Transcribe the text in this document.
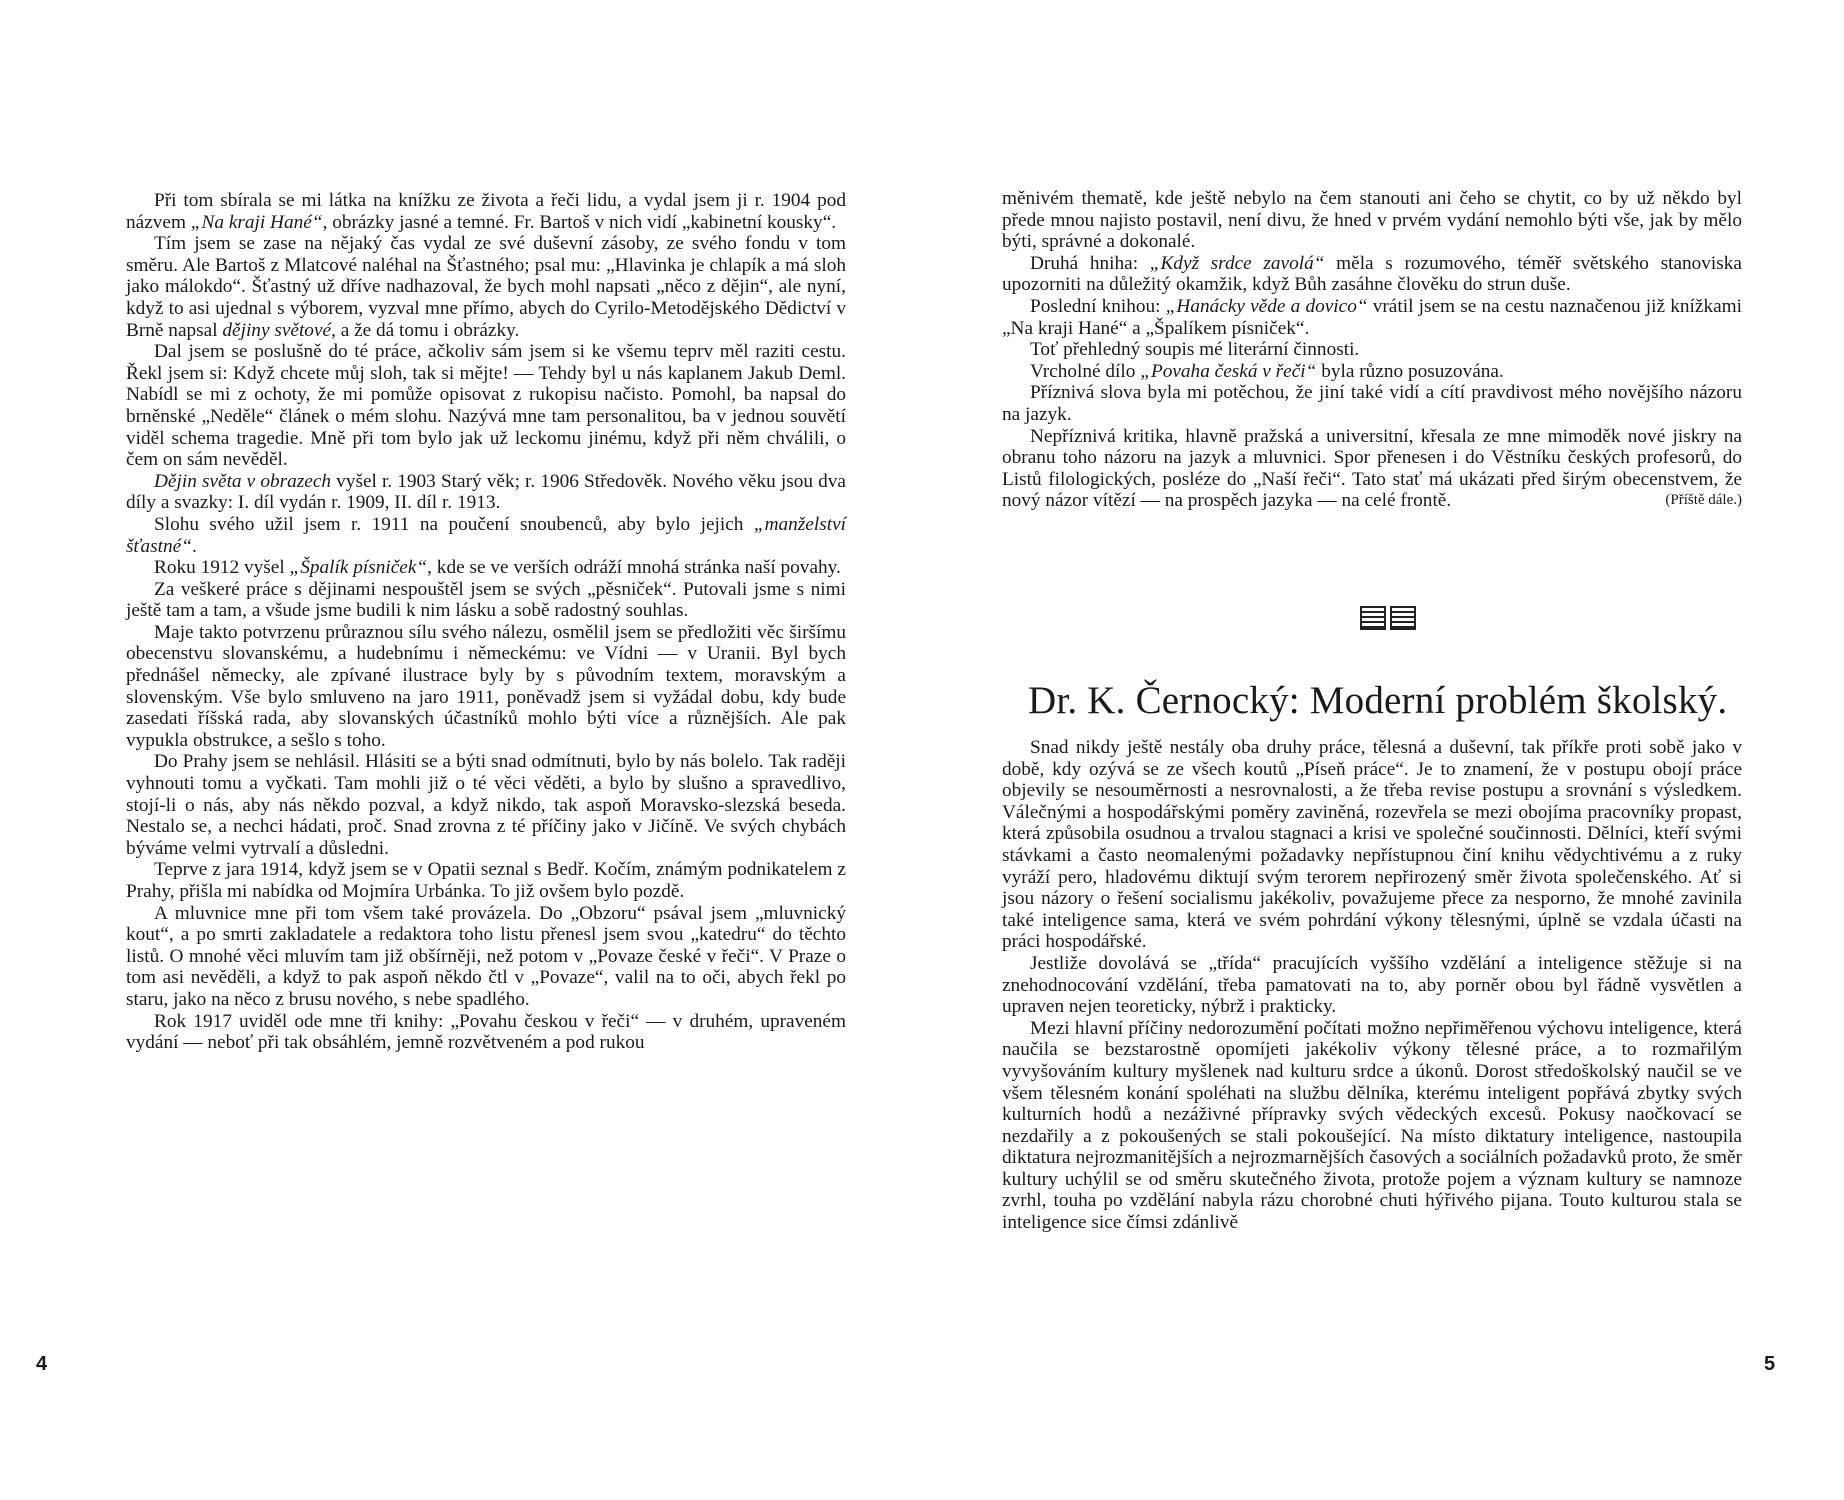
Při tom sbírala se mi látka na knížku ze života a řeči lidu, a vydal jsem ji r. 1904 pod názvem „Na kraji Hané“, obrázky jasné a temné. Fr. Bartoš v nich vidí „kabinetní kousky“.

Tím jsem se zase na nějaký čas vydal ze své duševní zásoby, ze svého fondu v tom směru. Ale Bartoš z Mlatcové naléhal na Šťastného; psal mu: „Hlavinka je chlapík a má sloh jako málokdo“. Šťastný už dříve nadhazoval, že bych mohl napsati „něco z dějin“, ale nyní, když to asi ujednal s výborem, vyzval mne přímo, abych do Cyrilo-Metodějského Dědictví v Brně napsal dějiny světové, a že dá tomu i obrázky.

Dal jsem se poslušně do té práce, ačkoliv sám jsem si ke všemu teprv měl raziti cestu. Řekl jsem si: Když chcete můj sloh, tak si mějte! — Tehdy byl u nás kaplanem Jakub Deml. Nabídl se mi z ochoty, že mi pomůže opisovat z rukopisu načisto. Pomohl, ba napsal do brněnské „Neděle“ článek o mém slohu. Nazývá mne tam personalitou, ba v jednou souvětí viděl schema tragedie. Mně při tom bylo jak už leckomu jinému, když při něm chválili, o čem on sám nevěděl.

Dějin světa v obrazech vyšel r. 1903 Starý věk; r. 1906 Středověk. Nového věku jsou dva díly a svazky: I. díl vydán r. 1909, II. díl r. 1913.

Slohu svého užil jsem r. 1911 na poučení snoubenců, aby bylo jejich „manželství šťastné“.

Roku 1912 vyšel „Špalík písniček“, kde se ve verších odráží mnohá stránka naší povahy.

Za veškeré práce s dějinami nespouštěl jsem se svých „pěsniček“. Putovali jsme s nimi ještě tam a tam, a všude jsme budili k nim lásku a sobě radostný souhlas.

Maje takto potvrzenu průraznou sílu svého nálezu, osmělil jsem se předložiti věc širšímu obecenstvu slovanskému, a hudebnímu i německému: ve Vídni — v Uranii. Byl bych přednášel německy, ale zpívané ilustrace byly by s původním textem, moravským a slovenským. Vše bylo smluveno na jaro 1911, poněvadž jsem si vyžádal dobu, kdy bude zasedati říšská rada, aby slovanských účastníků mohlo býti více a různějších. Ale pak vypukla obstrukce, a sešlo s toho.

Do Prahy jsem se nehlásil. Hlásiti se a býti snad odmítnuti, bylo by nás bolelo. Tak raději vyhnouti tomu a vyčkati. Tam mohli již o té věci věděti, a bylo by slušno a spravedlivo, stojí-li o nás, aby nás někdo pozval, a když nikdo, tak aspoň Moravsko-slezská beseda. Nestalo se, a nechci hádati, proč. Snad zrovna z té příčiny jako v Jičíně. Ve svých chybách býváme velmi vytrvalí a důsledni.

Teprve z jara 1914, když jsem se v Opatii seznal s Bedř. Kočím, známým podnikatelem z Prahy, přišla mi nabídka od Mojmíra Urbánka. To již ovšem bylo pozdě.

A mluvnice mne při tom všem také provázela. Do „Obzoru“ psával jsem „mluvnický kout“, a po smrti zakladatele a redaktora toho listu přenesl jsem svou „katedru“ do těchto listů. O mnohé věci mluvím tam již obšírněji, než potom v „Povaze české v řeči“. V Praze o tom asi nevěděli, a když to pak aspoň někdo čtl v „Povaze“, valil na to oči, abych řekl po staru, jako na něco z brusu nového, s nebe spadlého.

Rok 1917 uviděl ode mne tři knihy: „Povahu českou v řeči“ — v druhém, upraveném vydání — neboť při tak obsáhlém, jemně rozvětveném a pod rukou

4

měnivém thematě, kde ještě nebylo na čem stanouti ani čeho se chytit, co by už někdo byl přede mnou najisto postavil, není divu, že hned v prvém vydání nemohlo býti vše, jak by mělo býti, správné a dokonalé.

Druhá hniha: „Když srdce zavolá“ měla s rozumového, téměř světského stanoviska upozorniti na důležitý okamžik, když Bůh zasáhne člověku do strun duše.

Poslední knihou: „Hanácky věde a dovico“ vrátil jsem se na cestu naznačenou již knížkami „Na kraji Hané“ a „Špalíkem písniček“.

Toť přehledný soupis mé literární činnosti.

Vrcholné dílo „Povaha česká v řeči“ byla různo posuzována.

Příznivá slova byla mi potěchou, že jiní také vidí a cítí pravdivost mého novějšího názoru na jazyk.

Nepříznivá kritika, hlavně pražská a universitní, křesala ze mne mimoděk nové jiskry na obranu toho názoru na jazyk a mluvnici. Spor přenesen i do Věstníku českých profesorů, do Listů filologických, posléze do „Naší řeči“. Tato stať má ukázati před širým obecenstvem, že nový názor vítězí — na prospěch jazyka — na celé frontě.	(Příště dále.)

Dr. K. Černocký: Moderní problém školský.

Snad nikdy ještě nestály oba druhy práce, tělesná a duševní, tak příkře proti sobě jako v době, kdy ozývá se ze všech koutů „Píseň práce“. Je to znamení, že v postupu obojí práce objevily se nesouměrnosti a nesrovnalosti, a že třeba revise postupu a srovnání s výsledkem. Válečnými a hospodářskými poměry zaviněná, rozevřela se mezi obojíma pracovníky propast, která způsobila osudnou a trvalou stagnaci a krisi ve společné součinnosti. Dělníci, kteří svými stávkami a často neomalenými požadavky nepřístupnou činí knihu vědychtivému a z ruky vyráží pero, hladovému diktují svým terorem nepřirozený směr života společenského. Ať si jsou názory o řešení socialismu jakékoliv, považujeme přece za nesporno, že mnohé zavinila také inteligence sama, která ve svém pohrdání výkony tělesnými, úplně se vzdala účasti na práci hospodářské.

Jestliže dovolává se „třída“ pracujících vyššího vzdělání a inteligence stěžuje si na znehodnocování vzdělání, třeba pamatovati na to, aby porněr obou byl řádně vysvětlen a upraven nejen teoreticky, nýbrž i prakticky.

Mezi hlavní příčiny nedorozumění počítati možno nepřiměřenou výchovu inteligence, která naučila se bezstarostně opomíjeti jakékoliv výkony tělesné práce, a to rozmařilým vyvyšováním kultury myšlenek nad kulturu srdce a úkonů. Dorost středoškolský naučil se ve všem tělesném konání spoléhati na službu dělníka, kterému inteligent popřává zbytky svých kulturních hodů a nezáživné přípravky svých vědeckých excesů. Pokusy naočkovací se nezdařily a z pokoušených se stali pokoušející. Na místo diktatury inteligence, nastoupila diktatura nejrozmanitějších a nejrozmarnějších časových a sociálních požadavků proto, že směr kultury uchýlil se od směru skutečného života, protože pojem a význam kultury se namnoze zvrhl, touha po vzdělání nabyla rázu chorobné chuti hýřivého pijana. Touto kulturou stala se inteligence sice čímsi zdánlivě

5
